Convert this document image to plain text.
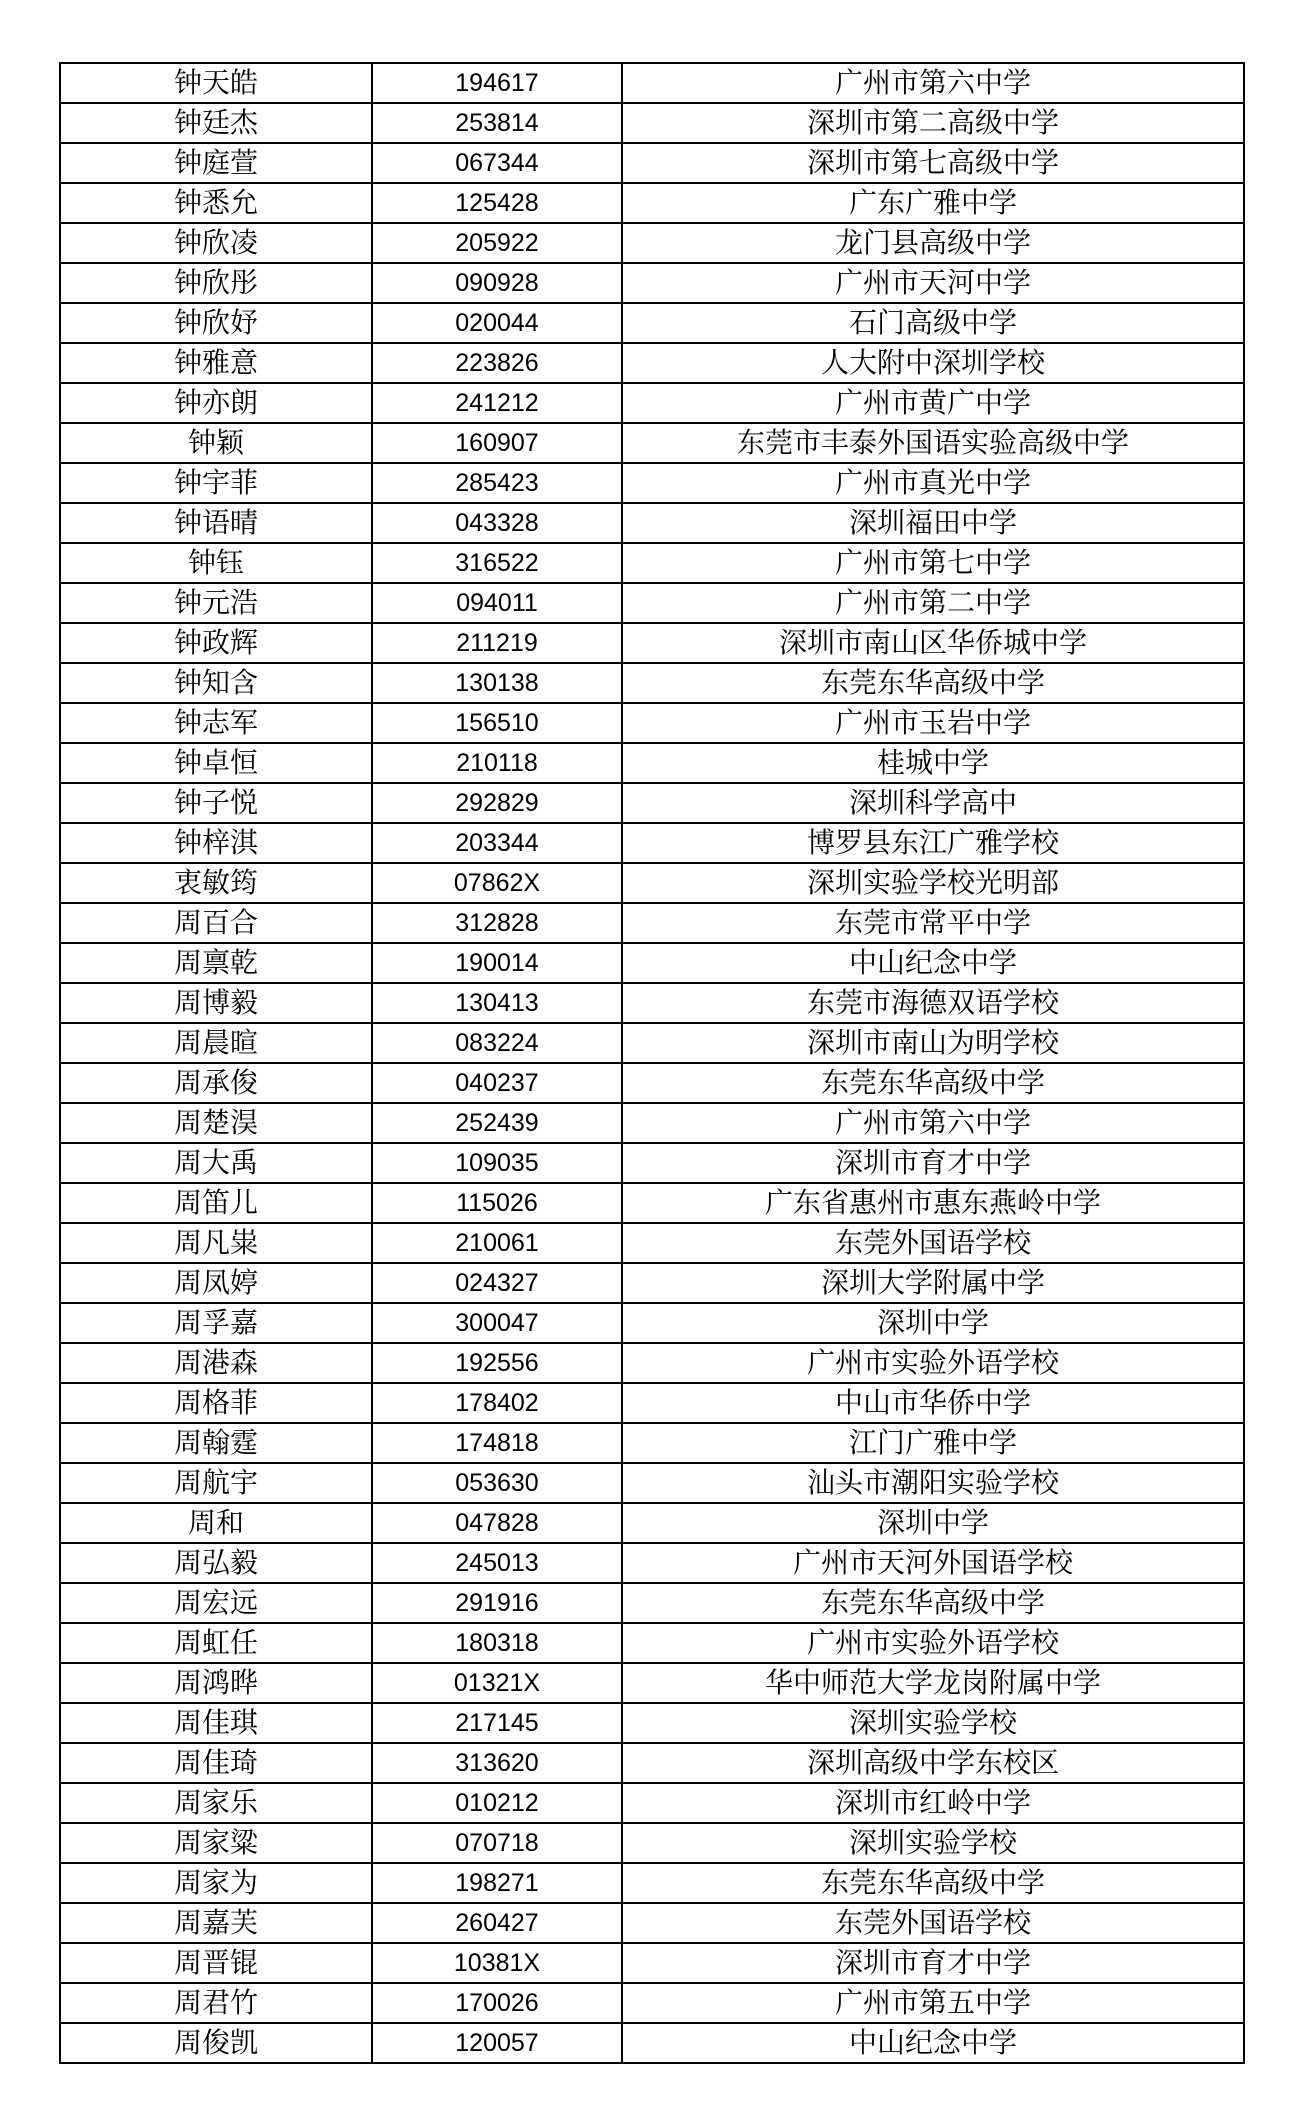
钟天皓	194617	广州市第六中学
钟廷杰	253814	深圳市第二高级中学
钟庭萱	067344	深圳市第七高级中学
钟悉允	125428	广东广雅中学
钟欣凌	205922	龙门县高级中学
钟欣彤	090928	广州市天河中学
钟欣妤	020044	石门高级中学
钟雅意	223826	人大附中深圳学校
钟亦朗	241212	广州市黄广中学
钟颖	160907	东莞市丰泰外国语实验高级中学
钟宇菲	285423	广州市真光中学
钟语晴	043328	深圳福田中学
钟钰	316522	广州市第七中学
钟元浩	094011	广州市第二中学
钟政辉	211219	深圳市南山区华侨城中学
钟知含	130138	东莞东华高级中学
钟志军	156510	广州市玉岩中学
钟卓恒	210118	桂城中学
钟子悦	292829	深圳科学高中
钟梓淇	203344	博罗县东江广雅学校
衷敏筠	07862X	深圳实验学校光明部
周百合	312828	东莞市常平中学
周禀乾	190014	中山纪念中学
周博毅	130413	东莞市海德双语学校
周晨暄	083224	深圳市南山为明学校
周承俊	040237	东莞东华高级中学
周楚淏	252439	广州市第六中学
周大禹	109035	深圳市育才中学
周笛儿	115026	广东省惠州市惠东燕岭中学
周凡粜	210061	东莞外国语学校
周凤婷	024327	深圳大学附属中学
周孚嘉	300047	深圳中学
周港森	192556	广州市实验外语学校
周格菲	178402	中山市华侨中学
周翰霆	174818	江门广雅中学
周航宇	053630	汕头市潮阳实验学校
周和	047828	深圳中学
周弘毅	245013	广州市天河外国语学校
周宏远	291916	东莞东华高级中学
周虹任	180318	广州市实验外语学校
周鸿晔	01321X	华中师范大学龙岗附属中学
周佳琪	217145	深圳实验学校
周佳琦	313620	深圳高级中学东校区
周家乐	010212	深圳市红岭中学
周家粱	070718	深圳实验学校
周家为	198271	东莞东华高级中学
周嘉芙	260427	东莞外国语学校
周晋锟	10381X	深圳市育才中学
周君竹	170026	广州市第五中学
周俊凯	120057	中山纪念中学
